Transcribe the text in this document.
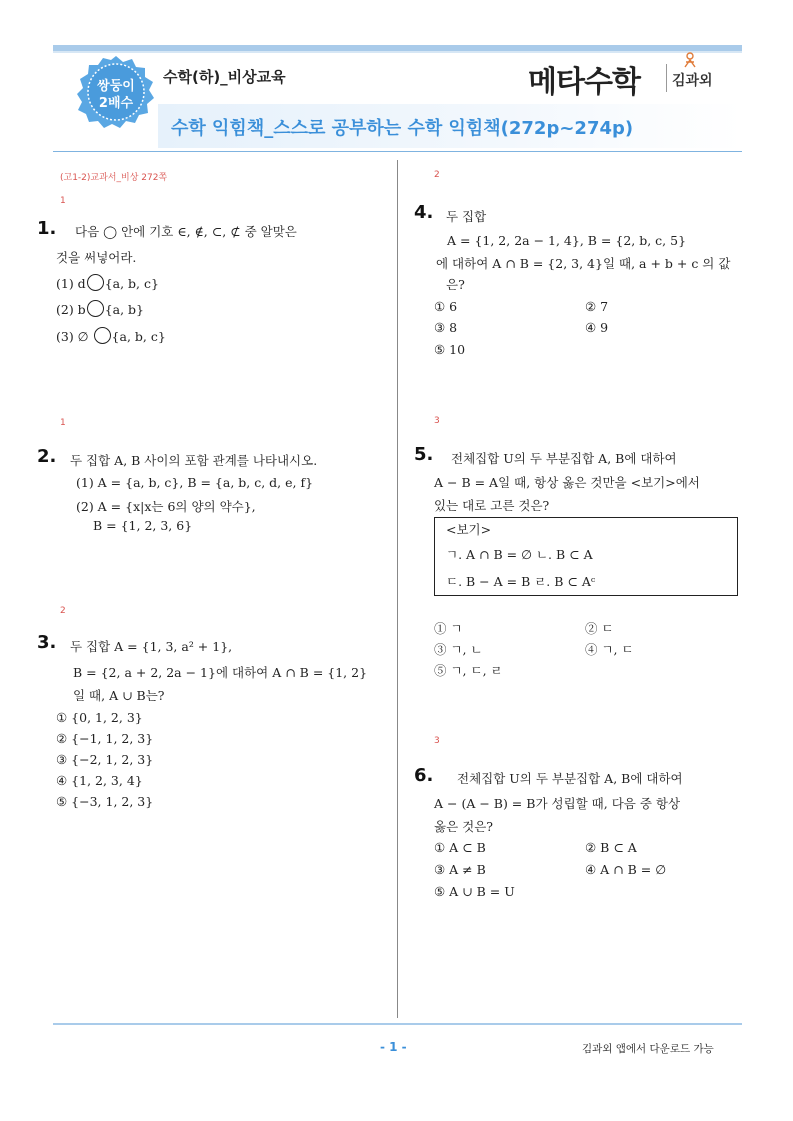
쌍둥이
2배수
수학(하)_비상교육	메타수학 김과외
수학 익힘책_스스로 공부하는 수학 익힘책(272p~274p)
(고1-2)교과서_비상 272쪽
1
1. 다음 ◯ 안에 기호 ∈, ∉, ⊂, ⊄ 중 알맞은
것을 써넣어라.
(1) d {a, b, c}
(2) b {a, b}
(3) ∅ {a, b, c}
1
2. 두 집합 A, B 사이의 포함 관계를 나타내시오.
(1) A = {a, b, c}, B = {a, b, c, d, e, f}
(2) A = {x|x는 6의 양의 약수},
B = {1, 2, 3, 6}
2
3. 두 집합 A = {1, 3, a² + 1},
B = {2, a + 2, 2a − 1}에 대하여 A ∩ B = {1, 2}
일 때, A ∪ B는?
① {0, 1, 2, 3}
② {−1, 1, 2, 3}
③ {−2, 1, 2, 3}
④ {1, 2, 3, 4}
⑤ {−3, 1, 2, 3}
2
4. 두 집합
A = {1, 2, 2a − 1, 4}, B = {2, b, c, 5}
에 대하여 A ∩ B = {2, 3, 4}일 때, a + b + c 의 값
은?
① 6	② 7
③ 8	④ 9
⑤ 10
3
5. 전체집합 U의 두 부분집합 A, B에 대하여
A − B = A일 때, 항상 옳은 것만을 <보기>에서
있는 대로 고른 것은?
<보기>
ㄱ. A ∩ B = ∅ ㄴ. B ⊂ A
ㄷ. B − A = B ㄹ. B ⊂ Aᶜ
① ㄱ	② ㄷ
③ ㄱ, ㄴ	④ ㄱ, ㄷ
⑤ ㄱ, ㄷ, ㄹ
3
6. 전체집합 U의 두 부분집합 A, B에 대하여
A − (A − B) = B가 성립할 때, 다음 중 항상
옳은 것은?
① A ⊂ B	② B ⊂ A
③ A ≠ B	④ A ∩ B = ∅
⑤ A ∪ B = U
- 1 -	김과외 앱에서 다운로드 가능
